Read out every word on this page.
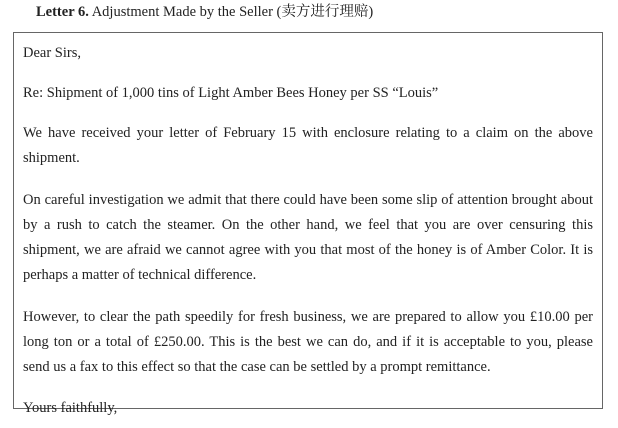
Letter 6. Adjustment Made by the Seller (卖方进行理赔)

Dear Sirs,

Re: Shipment of 1,000 tins of Light Amber Bees Honey per SS “Louis”

We have received your letter of February 15 with enclosure relating to a claim on the above shipment.

On careful investigation we admit that there could have been some slip of attention brought about by a rush to catch the steamer. On the other hand, we feel that you are over censuring this shipment, we are afraid we cannot agree with you that most of the honey is of Amber Color. It is perhaps a matter of technical difference.

However, to clear the path speedily for fresh business, we are prepared to allow you £10.00 per long ton or a total of £250.00. This is the best we can do, and if it is acceptable to you, please send us a fax to this effect so that the case can be settled by a prompt remittance.

Yours faithfully,
